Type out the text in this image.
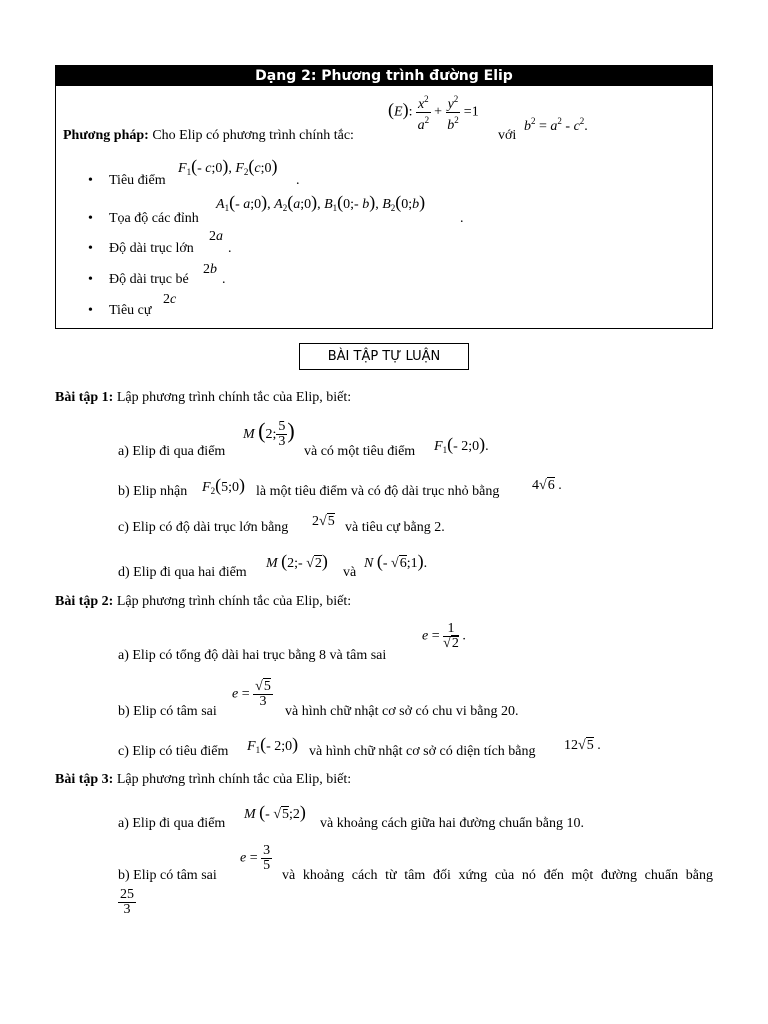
Dạng 2: Phương trình đường Elip
(E): $\frac{x^2}{a^2} + \frac{y^2}{b^2} =1$
Phương pháp: Cho Elip có phương trình chính tắc:	với
$b^2 = a^2 - c^2$.
• Tiêu điểm
$F_1(-$ c;0), $F_2(c;0)$
.
• Tọa độ các đỉnh
$A_1(-$ a;0), $A_2(a;0)$, $B_1(0;-$ b), $B_2(0;b)$
.
• Độ dài trục lớn
2a
.
• Độ dài trục bé
2b
.
• Tiêu cự
2c
BÀI TẬP TỰ LUẬN
Bài tập 1: Lập phương trình chính tắc của Elip, biết:
a) Elip đi qua điểm
M (2; $\frac{5}{3}$ )
và có một tiêu điểm $F_1(-$ 2;0).
b) Elip nhận $F_2(5;0)$ là một tiêu điểm và có độ dài trục nhỏ bằng 4√6 .
c) Elip có độ dài trục lớn bằng 2√5 và tiêu cự bằng 2.
d) Elip đi qua hai điểm
M (2;- √2)
và
N (- √6;1).
Bài tập 2: Lập phương trình chính tắc của Elip, biết:
a) Elip có tổng độ dài hai trục bằng 8 và tâm sai
$e = \frac{1}{√2}$ .
b) Elip có tâm sai
$e = \frac{√5}{3}$
và hình chữ nhật cơ sở có chu vi bằng 20.
c) Elip có tiêu điểm $F_1(-$ 2;0) và hình chữ nhật cơ sở có diện tích bằng 12√5 .
Bài tập 3: Lập phương trình chính tắc của Elip, biết:
a) Elip đi qua điểm
M (- √5;2)
và khoảng cách giữa hai đường chuẩn bằng 10.
b) Elip có tâm sai
$e = \frac{3}{5}$
và khoảng cách từ tâm đối xứng của nó đến một đường chuẩn bằng
$\frac{25}{3}$
